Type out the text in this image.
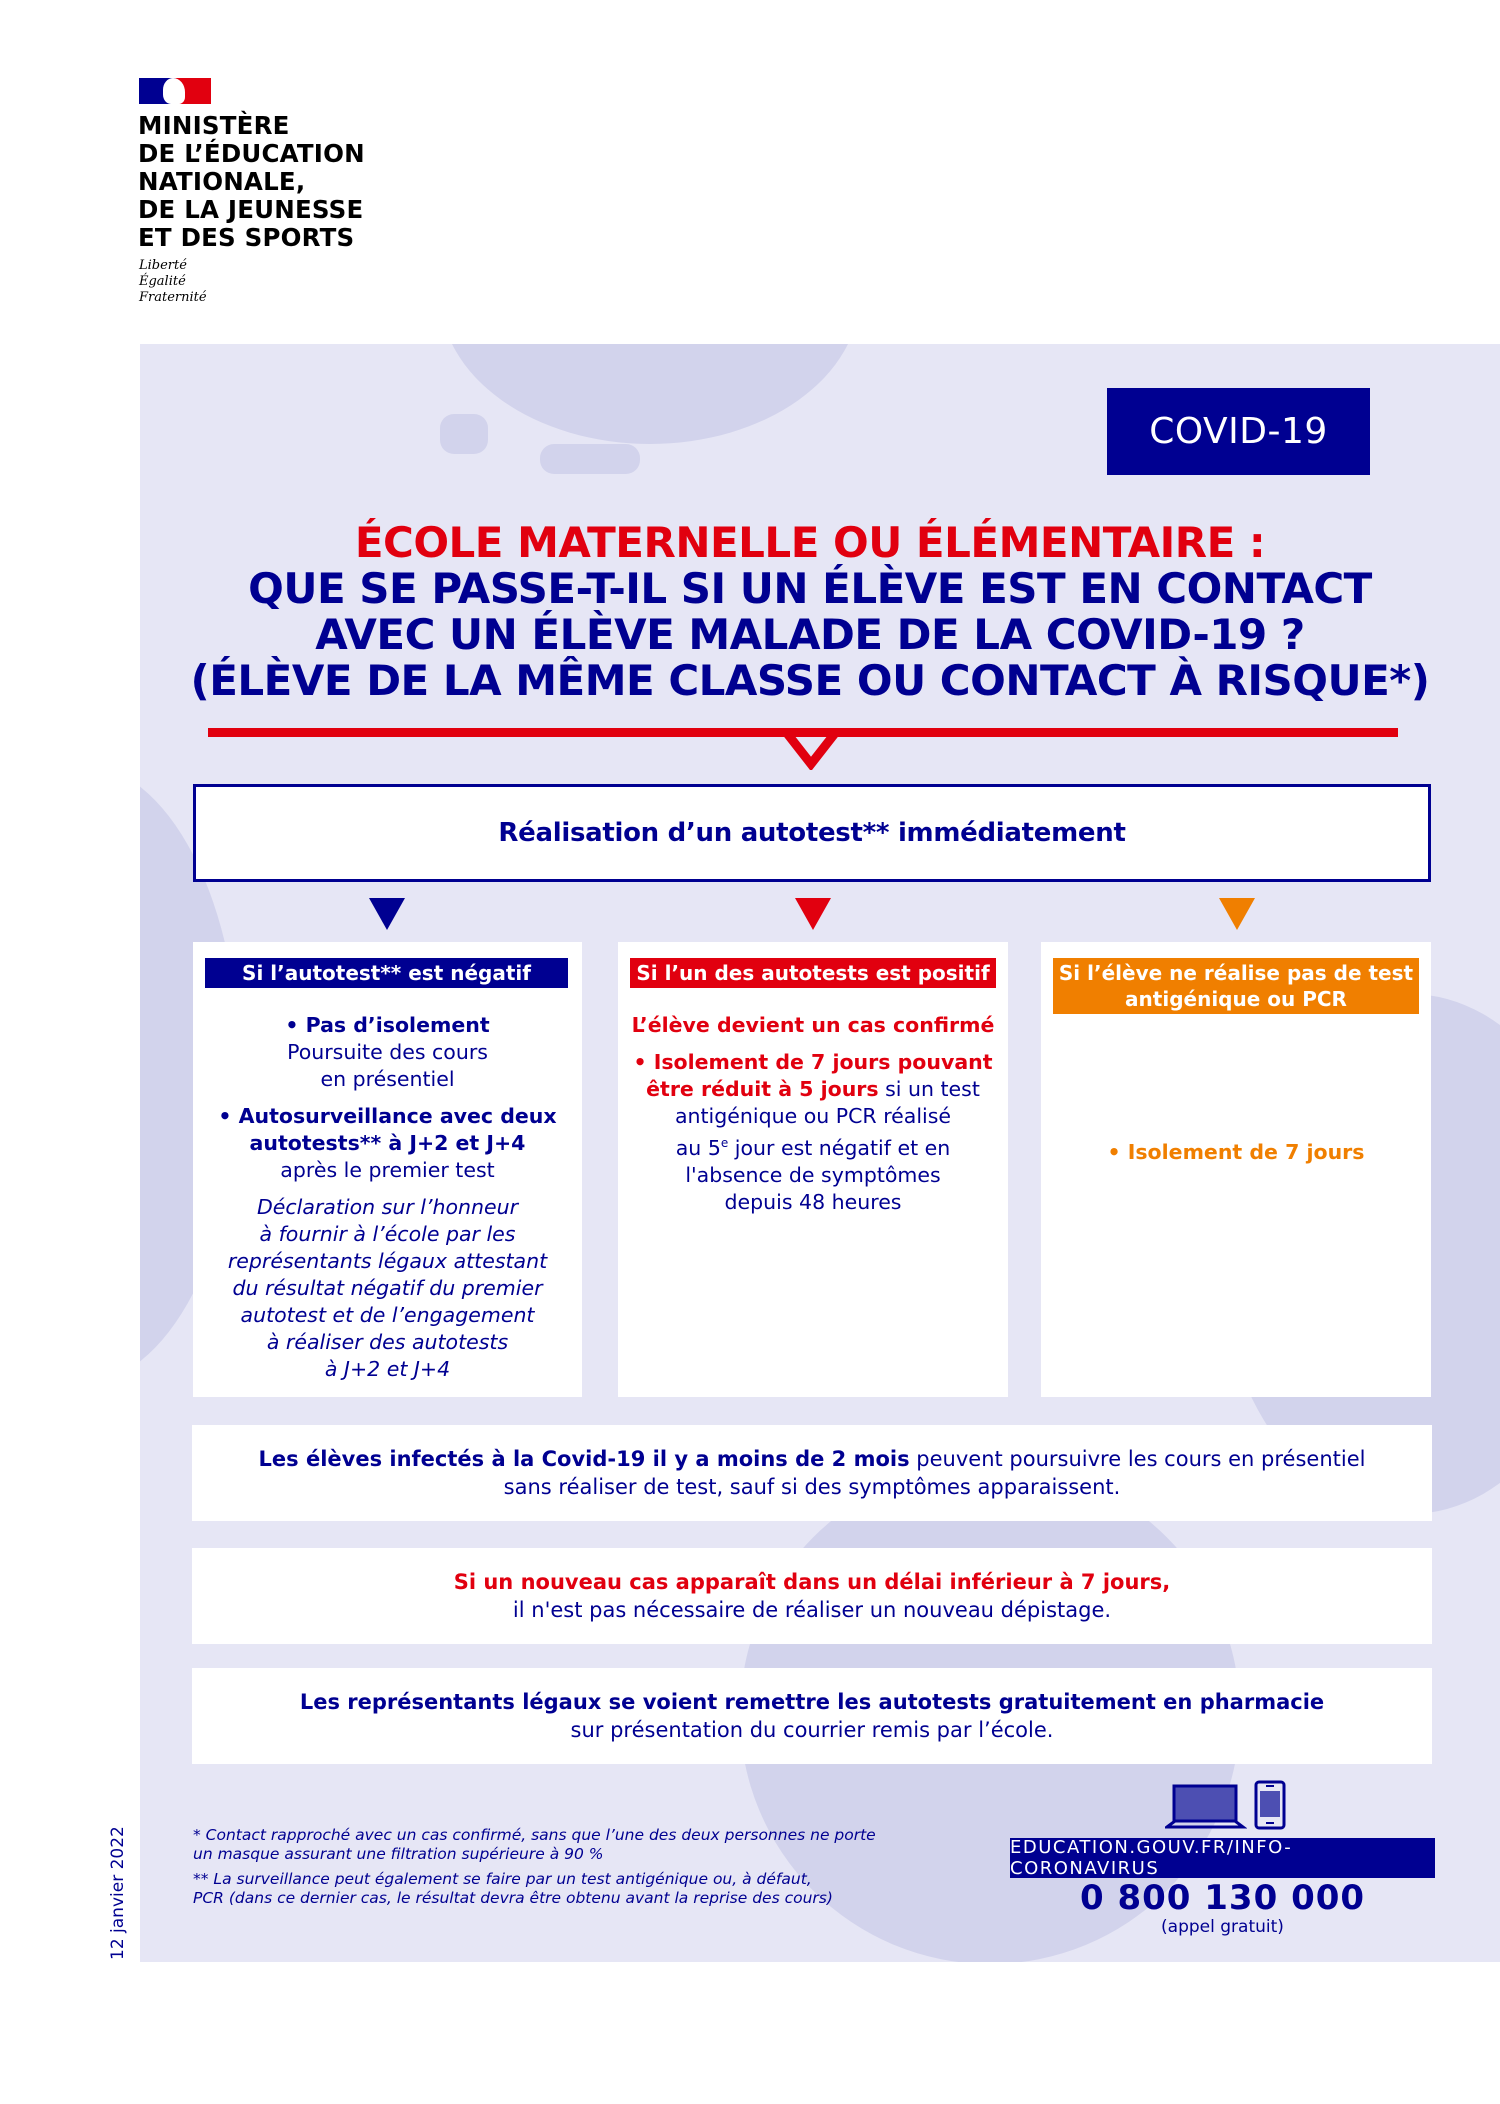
MINISTÈRE
DE L’ÉDUCATION
NATIONALE,
DE LA JEUNESSE
ET DES SPORTS
Liberté
Égalité
Fraternité
12 janvier 2022
COVID-19
ÉCOLE MATERNELLE OU ÉLÉMENTAIRE :
QUE SE PASSE-T-IL SI UN ÉLÈVE EST EN CONTACT
AVEC UN ÉLÈVE MALADE DE LA COVID-19 ?
(ÉLÈVE DE LA MÊME CLASSE OU CONTACT À RISQUE*)
Réalisation d’un autotest** immédiatement
Si l’autotest** est négatif

• Pas d’isolement
Poursuite des cours
en présentiel

• Autosurveillance avec deux
autotests** à J+2 et J+4
après le premier test

Déclaration sur l’honneur
à fournir à l’école par les
représentants légaux attestant
du résultat négatif du premier
autotest et de l’engagement
à réaliser des autotests
à J+2 et J+4

Si l’un des autotests est positif

L’élève devient un cas confirmé

• Isolement de 7 jours pouvant
être réduit à 5 jours si un test
antigénique ou PCR réalisé
au 5e jour est négatif et en
l'absence de symptômes
depuis 48 heures

Si l’élève ne réalise pas de test
antigénique ou PCR

• Isolement de 7 jours

Les élèves infectés à la Covid-19 il y a moins de 2 mois peuvent poursuivre les cours en présentiel
sans réaliser de test, sauf si des symptômes apparaissent.
Si un nouveau cas apparaît dans un délai inférieur à 7 jours,
il n'est pas nécessaire de réaliser un nouveau dépistage.
Les représentants légaux se voient remettre les autotests gratuitement en pharmacie
sur présentation du courrier remis par l’école.

* Contact rapproché avec un cas confirmé, sans que l’une des deux personnes ne porte
un masque assurant une filtration supérieure à 90 %

** La surveillance peut également se faire par un test antigénique ou, à défaut,
PCR (dans ce dernier cas, le résultat devra être obtenu avant la reprise des cours)

EDUCATION.GOUV.FR/INFO-CORONAVIRUS
0 800 130 000
(appel gratuit)
